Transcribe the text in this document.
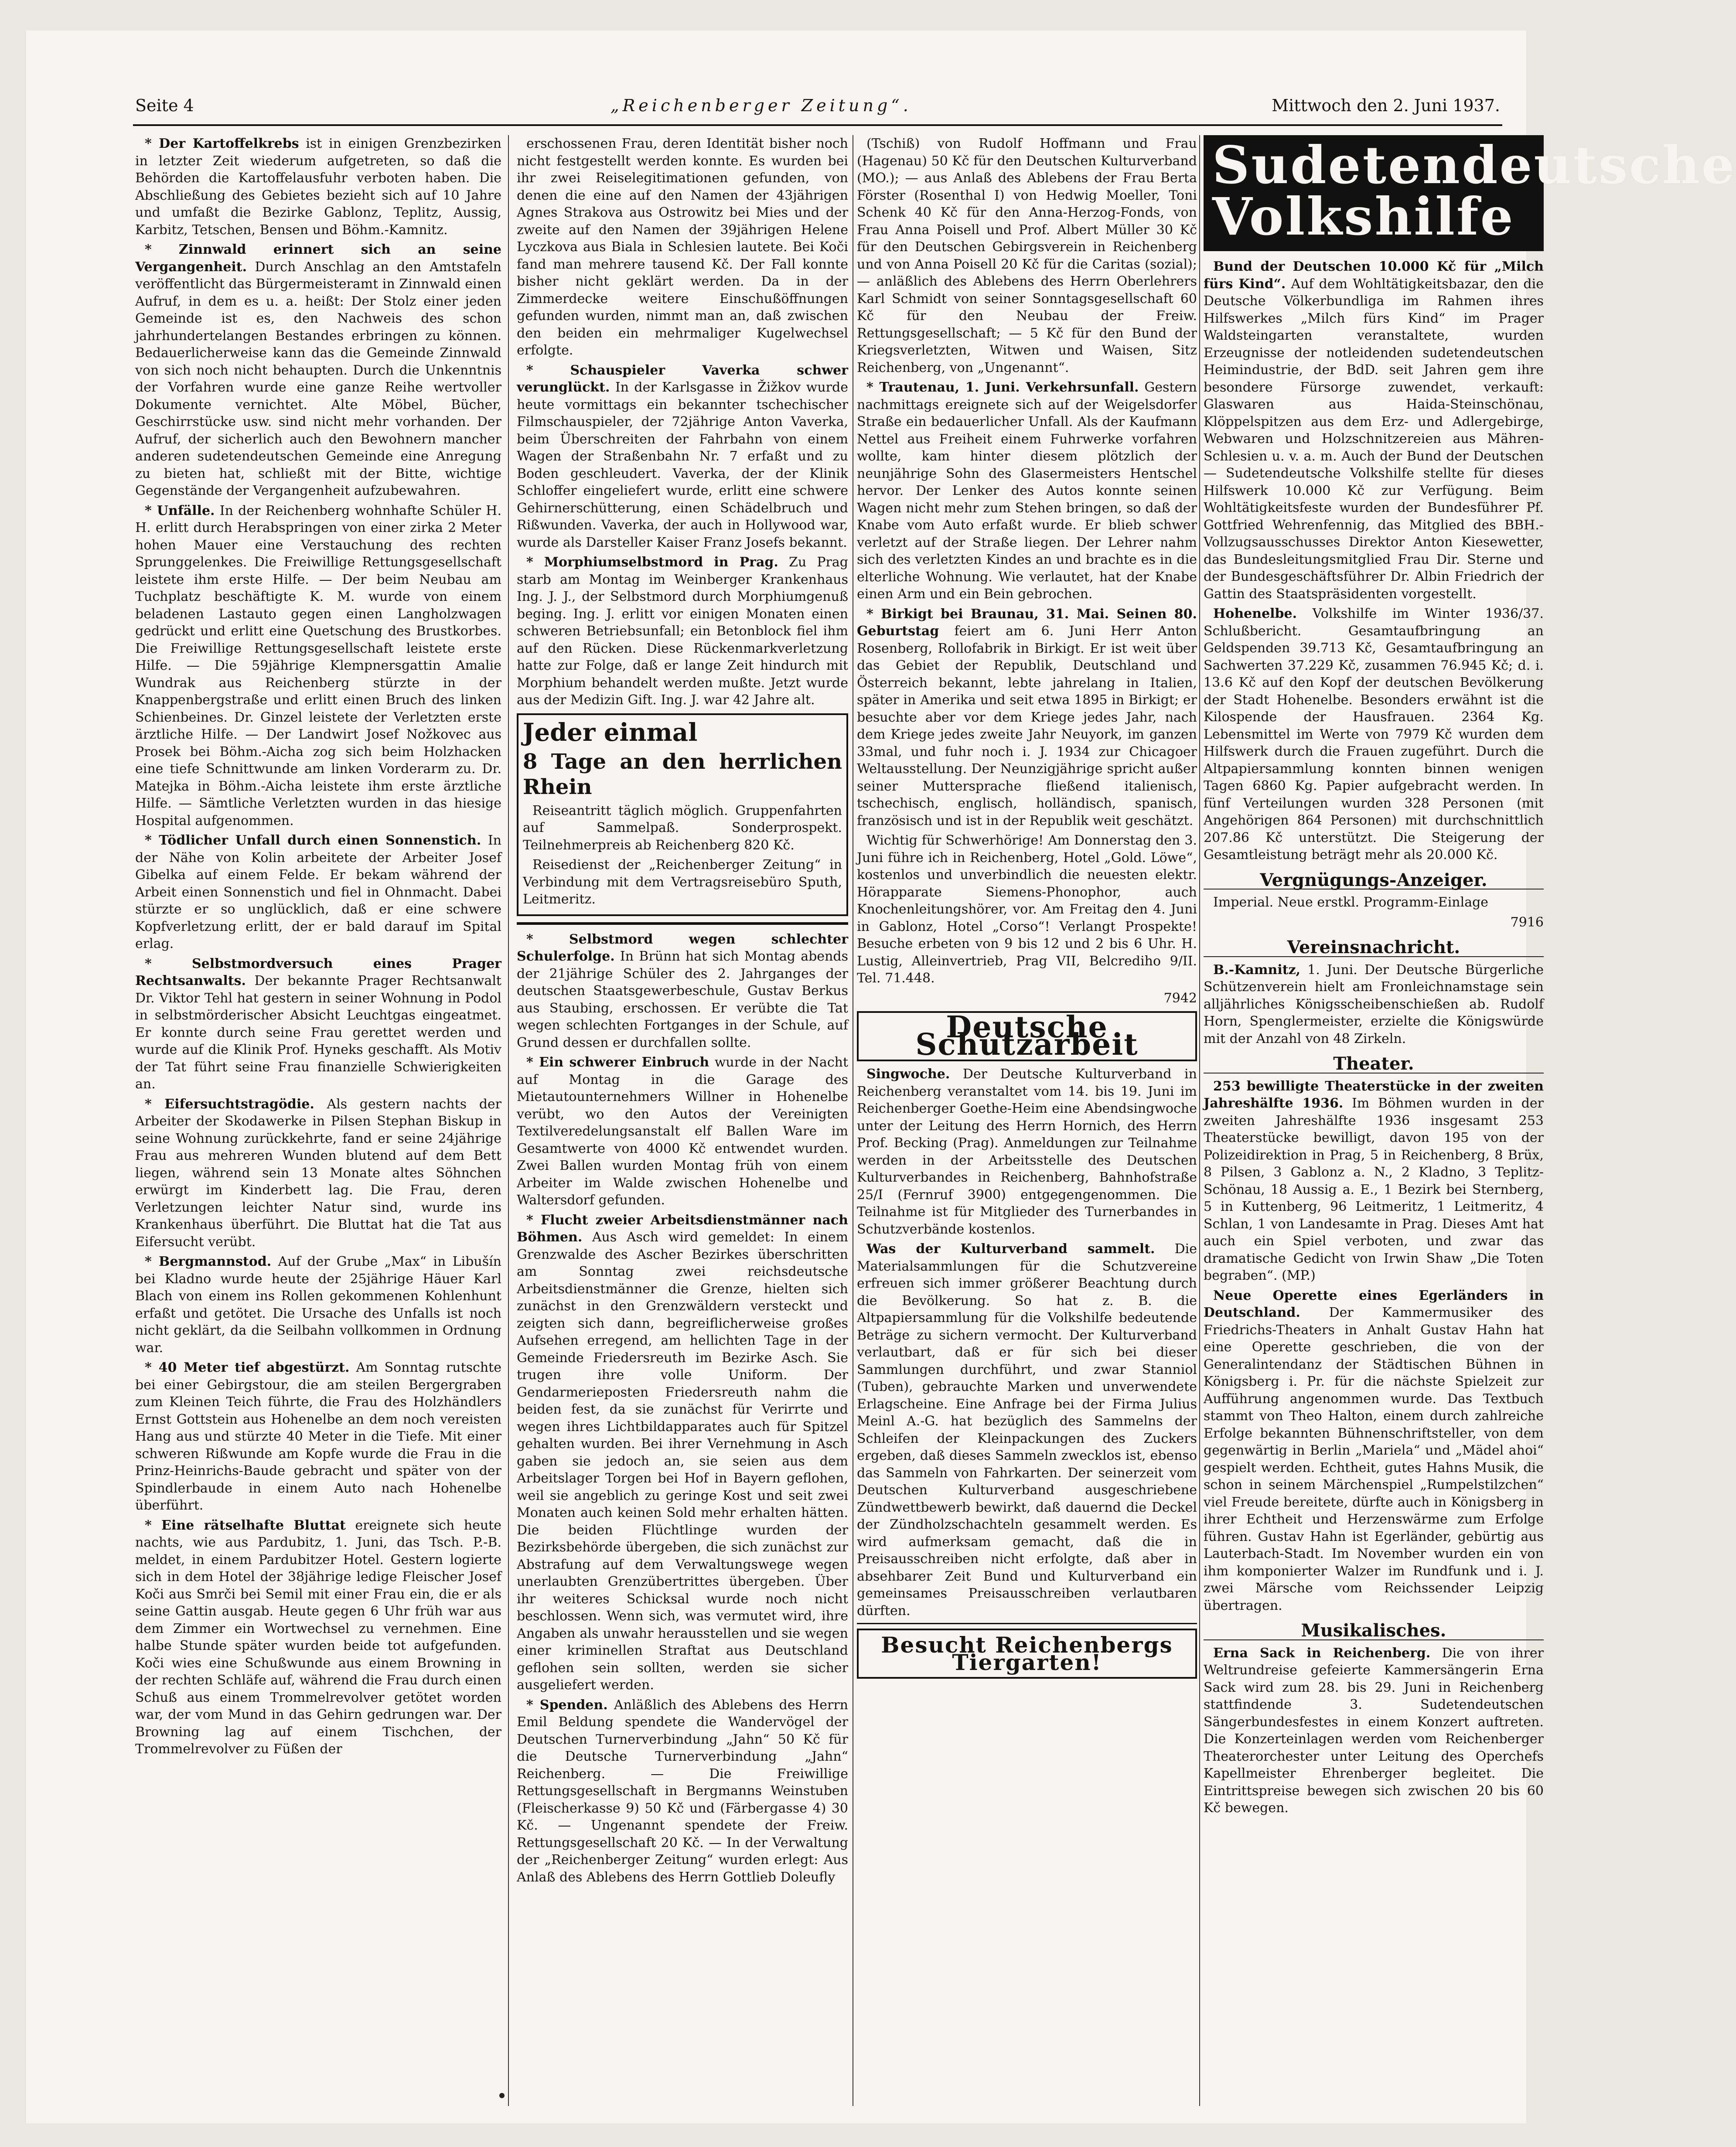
Seite 4	„Reichenberger Zeitung“.	Mittwoch den 2. Juni 1937.

* Der Kartoffelkrebs ist in einigen Grenzbezirken in letzter Zeit wiederum aufgetreten, so daß die Behörden die Kartoffelausfuhr verboten haben. Die Abschließung des Gebietes bezieht sich auf 10 Jahre und umfaßt die Bezirke Gablonz, Teplitz, Aussig, Karbitz, Tetschen, Bensen und Böhm.-Kamnitz.

* Zinnwald erinnert sich an seine Vergangenheit. Durch Anschlag an den Amtstafeln veröffentlicht das Bürgermeisteramt in Zinnwald einen Aufruf, in dem es u. a. heißt: Der Stolz einer jeden Gemeinde ist es, den Nachweis des schon jahrhundertelangen Bestandes erbringen zu können. Bedauerlicherweise kann das die Gemeinde Zinnwald von sich noch nicht behaupten. Durch die Unkenntnis der Vorfahren wurde eine ganze Reihe wertvoller Dokumente vernichtet. Alte Möbel, Bücher, Geschirrstücke usw. sind nicht mehr vorhanden. Der Aufruf, der sicherlich auch den Bewohnern mancher anderen sudetendeutschen Gemeinde eine Anregung zu bieten hat, schließt mit der Bitte, wichtige Gegenstände der Vergangenheit aufzubewahren.

* Unfälle. In der Reichenberg wohnhafte Schüler H. H. erlitt durch Herabspringen von einer zirka 2 Meter hohen Mauer eine Verstauchung des rechten Sprunggelenkes. Die Freiwillige Rettungsgesellschaft leistete ihm erste Hilfe. — Der beim Neubau am Tuchplatz beschäftigte K. M. wurde von einem beladenen Lastauto gegen einen Langholzwagen gedrückt und erlitt eine Quetschung des Brustkorbes. Die Freiwillige Rettungsgesellschaft leistete erste Hilfe. — Die 59jährige Klempnersgattin Amalie Wundrak aus Reichenberg stürzte in der Knappenbergstraße und erlitt einen Bruch des linken Schienbeines. Dr. Ginzel leistete der Verletzten erste ärztliche Hilfe. — Der Landwirt Josef Nožkovec aus Prosek bei Böhm.-Aicha zog sich beim Holzhacken eine tiefe Schnittwunde am linken Vorderarm zu. Dr. Matejka in Böhm.-Aicha leistete ihm erste ärztliche Hilfe. — Sämtliche Verletzten wurden in das hiesige Hospital aufgenommen.

* Tödlicher Unfall durch einen Sonnenstich. In der Nähe von Kolin arbeitete der Arbeiter Josef Gibelka auf einem Felde. Er bekam während der Arbeit einen Sonnenstich und fiel in Ohnmacht. Dabei stürzte er so unglücklich, daß er eine schwere Kopfverletzung erlitt, der er bald darauf im Spital erlag.

* Selbstmordversuch eines Prager Rechtsanwalts. Der bekannte Prager Rechtsanwalt Dr. Viktor Tehl hat gestern in seiner Wohnung in Podol in selbstmörderischer Absicht Leuchtgas eingeatmet. Er konnte durch seine Frau gerettet werden und wurde auf die Klinik Prof. Hyneks geschafft. Als Motiv der Tat führt seine Frau finanzielle Schwierigkeiten an.

* Eifersuchtstragödie. Als gestern nachts der Arbeiter der Skodawerke in Pilsen Stephan Biskup in seine Wohnung zurückkehrte, fand er seine 24jährige Frau aus mehreren Wunden blutend auf dem Bett liegen, während sein 13 Monate altes Söhnchen erwürgt im Kinderbett lag. Die Frau, deren Verletzungen leichter Natur sind, wurde ins Krankenhaus überführt. Die Bluttat hat die Tat aus Eifersucht verübt.

* Bergmannstod. Auf der Grube „Max“ in Libušín bei Kladno wurde heute der 25jährige Häuer Karl Blach von einem ins Rollen gekommenen Kohlenhunt erfaßt und getötet. Die Ursache des Unfalls ist noch nicht geklärt, da die Seilbahn vollkommen in Ordnung war.

* 40 Meter tief abgestürzt. Am Sonntag rutschte bei einer Gebirgstour, die am steilen Bergergraben zum Kleinen Teich führte, die Frau des Holzhändlers Ernst Gottstein aus Hohenelbe an dem noch vereisten Hang aus und stürzte 40 Meter in die Tiefe. Mit einer schweren Rißwunde am Kopfe wurde die Frau in die Prinz-Heinrichs-Baude gebracht und später von der Spindlerbaude in einem Auto nach Hohenelbe überführt.

* Eine rätselhafte Bluttat ereignete sich heute nachts, wie aus Pardubitz, 1. Juni, das Tsch. P.-B. meldet, in einem Pardubitzer Hotel. Gestern logierte sich in dem Hotel der 38jährige ledige Fleischer Josef Koči aus Smrči bei Semil mit einer Frau ein, die er als seine Gattin ausgab. Heute gegen 6 Uhr früh war aus dem Zimmer ein Wortwechsel zu vernehmen. Eine halbe Stunde später wurden beide tot aufgefunden. Koči wies eine Schußwunde aus einem Browning in der rechten Schläfe auf, während die Frau durch einen Schuß aus einem Trommelrevolver getötet worden war, der vom Mund in das Gehirn gedrungen war. Der Browning lag auf einem Tischchen, der Trommelrevolver zu Füßen der

erschossenen Frau, deren Identität bisher noch nicht festgestellt werden konnte. Es wurden bei ihr zwei Reiselegitimationen gefunden, von denen die eine auf den Namen der 43jährigen Agnes Strakova aus Ostrowitz bei Mies und der zweite auf den Namen der 39jährigen Helene Lyczkova aus Biala in Schlesien lautete. Bei Koči fand man mehrere tausend Kč. Der Fall konnte bisher nicht geklärt werden. Da in der Zimmerdecke weitere Einschußöffnungen gefunden wurden, nimmt man an, daß zwischen den beiden ein mehrmaliger Kugelwechsel erfolgte.

* Schauspieler Vaverka schwer verunglückt. In der Karlsgasse in Žižkov wurde heute vormittags ein bekannter tschechischer Filmschauspieler, der 72jährige Anton Vaverka, beim Überschreiten der Fahrbahn von einem Wagen der Straßenbahn Nr. 7 erfaßt und zu Boden geschleudert. Vaverka, der der Klinik Schloffer eingeliefert wurde, erlitt eine schwere Gehirnerschütterung, einen Schädelbruch und Rißwunden. Vaverka, der auch in Hollywood war, wurde als Darsteller Kaiser Franz Josefs bekannt.

* Morphiumselbstmord in Prag. Zu Prag starb am Montag im Weinberger Krankenhaus Ing. J. J., der Selbstmord durch Morphiumgenuß beging. Ing. J. erlitt vor einigen Monaten einen schweren Betriebsunfall; ein Betonblock fiel ihm auf den Rücken. Diese Rückenmarkverletzung hatte zur Folge, daß er lange Zeit hindurch mit Morphium behandelt werden mußte. Jetzt wurde aus der Medizin Gift. Ing. J. war 42 Jahre alt.

Jeder einmal

8 Tage an den herrlichen Rhein

Reiseantritt täglich möglich. Gruppenfahrten auf Sammelpaß. Sonderprospekt. Teilnehmerpreis ab Reichenberg 820 Kč.

Reisedienst der „Reichenberger Zeitung“ in Verbindung mit dem Vertragsreisebüro Sputh, Leitmeritz.

* Selbstmord wegen schlechter Schulerfolge. In Brünn hat sich Montag abends der 21jährige Schüler des 2. Jahrganges der deutschen Staatsgewerbeschule, Gustav Berkus aus Staubing, erschossen. Er verübte die Tat wegen schlechten Fortganges in der Schule, auf Grund dessen er durchfallen sollte.

* Ein schwerer Einbruch wurde in der Nacht auf Montag in die Garage des Mietautounternehmers Willner in Hohenelbe verübt, wo den Autos der Vereinigten Textilveredelungsanstalt elf Ballen Ware im Gesamtwerte von 4000 Kč entwendet wurden. Zwei Ballen wurden Montag früh von einem Arbeiter im Walde zwischen Hohenelbe und Waltersdorf gefunden.

* Flucht zweier Arbeitsdienstmänner nach Böhmen. Aus Asch wird gemeldet: In einem Grenzwalde des Ascher Bezirkes überschritten am Sonntag zwei reichsdeutsche Arbeitsdienstmänner die Grenze, hielten sich zunächst in den Grenzwäldern versteckt und zeigten sich dann, begreiflicherweise großes Aufsehen erregend, am hellichten Tage in der Gemeinde Friedersreuth im Bezirke Asch. Sie trugen ihre volle Uniform. Der Gendarmerieposten Friedersreuth nahm die beiden fest, da sie zunächst für Verirrte und wegen ihres Lichtbildapparates auch für Spitzel gehalten wurden. Bei ihrer Vernehmung in Asch gaben sie jedoch an, sie seien aus dem Arbeitslager Torgen bei Hof in Bayern geflohen, weil sie angeblich zu geringe Kost und seit zwei Monaten auch keinen Sold mehr erhalten hätten. Die beiden Flüchtlinge wurden der Bezirksbehörde übergeben, die sich zunächst zur Abstrafung auf dem Verwaltungswege wegen unerlaubten Grenzübertrittes übergeben. Über ihr weiteres Schicksal wurde noch nicht beschlossen. Wenn sich, was vermutet wird, ihre Angaben als unwahr herausstellen und sie wegen einer kriminellen Straftat aus Deutschland geflohen sein sollten, werden sie sicher ausgeliefert werden.

* Spenden. Anläßlich des Ablebens des Herrn Emil Beldung spendete die Wandervögel der Deutschen Turnerverbindung „Jahn“ 50 Kč für die Deutsche Turnerverbindung „Jahn“ Reichenberg. — Die Freiwillige Rettungsgesellschaft in Bergmanns Weinstuben (Fleischerkasse 9) 50 Kč und (Färbergasse 4) 30 Kč. — Ungenannt spendete der Freiw. Rettungsgesellschaft 20 Kč. — In der Verwaltung der „Reichenberger Zeitung“ wurden erlegt: Aus Anlaß des Ablebens des Herrn Gottlieb Doleufly

(Tschiß) von Rudolf Hoffmann und Frau (Hagenau) 50 Kč für den Deutschen Kulturverband (MO.); — aus Anlaß des Ablebens der Frau Berta Förster (Rosenthal I) von Hedwig Moeller, Toni Schenk 40 Kč für den Anna-Herzog-Fonds, von Frau Anna Poisell und Prof. Albert Müller 30 Kč für den Deutschen Gebirgsverein in Reichenberg und von Anna Poisell 20 Kč für die Caritas (sozial); — anläßlich des Ablebens des Herrn Oberlehrers Karl Schmidt von seiner Sonntagsgesellschaft 60 Kč für den Neubau der Freiw. Rettungsgesellschaft; — 5 Kč für den Bund der Kriegsverletzten, Witwen und Waisen, Sitz Reichenberg, von „Ungenannt“.

* Trautenau, 1. Juni. Verkehrsunfall. Gestern nachmittags ereignete sich auf der Weigelsdorfer Straße ein bedauerlicher Unfall. Als der Kaufmann Nettel aus Freiheit einem Fuhrwerke vorfahren wollte, kam hinter diesem plötzlich der neunjährige Sohn des Glasermeisters Hentschel hervor. Der Lenker des Autos konnte seinen Wagen nicht mehr zum Stehen bringen, so daß der Knabe vom Auto erfaßt wurde. Er blieb schwer verletzt auf der Straße liegen. Der Lehrer nahm sich des verletzten Kindes an und brachte es in die elterliche Wohnung. Wie verlautet, hat der Knabe einen Arm und ein Bein gebrochen.

* Birkigt bei Braunau, 31. Mai. Seinen 80. Geburtstag feiert am 6. Juni Herr Anton Rosenberg, Rollofabrik in Birkigt. Er ist weit über das Gebiet der Republik, Deutschland und Österreich bekannt, lebte jahrelang in Italien, später in Amerika und seit etwa 1895 in Birkigt; er besuchte aber vor dem Kriege jedes Jahr, nach dem Kriege jedes zweite Jahr Neuyork, im ganzen 33mal, und fuhr noch i. J. 1934 zur Chicagoer Weltausstellung. Der Neunzigjährige spricht außer seiner Muttersprache fließend italienisch, tschechisch, englisch, holländisch, spanisch, französisch und ist in der Republik weit geschätzt.

Wichtig für Schwerhörige! Am Donnerstag den 3. Juni führe ich in Reichenberg, Hotel „Gold. Löwe“, kostenlos und unverbindlich die neuesten elektr. Hörapparate Siemens-Phonophor, auch Knochenleitungshörer, vor. Am Freitag den 4. Juni in Gablonz, Hotel „Corso“! Verlangt Prospekte! Besuche erbeten von 9 bis 12 und 2 bis 6 Uhr. H. Lustig, Alleinvertrieb, Prag VII, Belcrediho 9/II. Tel. 71.448.

7942

Deutsche Schutzarbeit

Singwoche. Der Deutsche Kulturverband in Reichenberg veranstaltet vom 14. bis 19. Juni im Reichenberger Goethe-Heim eine Abendsingwoche unter der Leitung des Herrn Hornich, des Herrn Prof. Becking (Prag). Anmeldungen zur Teilnahme werden in der Arbeitsstelle des Deutschen Kulturverbandes in Reichenberg, Bahnhofstraße 25/I (Fernruf 3900) entgegengenommen. Die Teilnahme ist für Mitglieder des Turnerbandes in Schutzverbände kostenlos.

Was der Kulturverband sammelt. Die Materialsammlungen für die Schutzvereine erfreuen sich immer größerer Beachtung durch die Bevölkerung. So hat z. B. die Altpapiersammlung für die Volkshilfe bedeutende Beträge zu sichern vermocht. Der Kulturverband verlautbart, daß er für sich bei dieser Sammlungen durchführt, und zwar Stanniol (Tuben), gebrauchte Marken und unverwendete Erlagscheine. Eine Anfrage bei der Firma Julius Meinl A.-G. hat bezüglich des Sammelns der Schleifen der Kleinpackungen des Zuckers ergeben, daß dieses Sammeln zwecklos ist, ebenso das Sammeln von Fahrkarten. Der seinerzeit vom Deutschen Kulturverband ausgeschriebene Zündwettbewerb bewirkt, daß dauernd die Deckel der Zündholzschachteln gesammelt werden. Es wird aufmerksam gemacht, daß die in Preisausschreiben nicht erfolgte, daß aber in absehbarer Zeit Bund und Kulturverband ein gemeinsames Preisausschreiben verlautbaren dürften.

Besucht Reichenbergs Tiergarten!
Sudetendeutsche Volkshilfe

Bund der Deutschen 10.000 Kč für „Milch fürs Kind“. Auf dem Wohltätigkeitsbazar, den die Deutsche Völkerbundliga im Rahmen ihres Hilfswerkes „Milch fürs Kind“ im Prager Waldsteingarten veranstaltete, wurden Erzeugnisse der notleidenden sudetendeutschen Heimindustrie, der BdD. seit Jahren gem ihre besondere Fürsorge zuwendet, verkauft: Glaswaren aus Haida-Steinschönau, Klöppelspitzen aus dem Erz- und Adlergebirge, Webwaren und Holzschnitzereien aus Mähren-Schlesien u. v. a. m. Auch der Bund der Deutschen — Sudetendeutsche Volkshilfe stellte für dieses Hilfswerk 10.000 Kč zur Verfügung. Beim Wohltätigkeitsfeste wurden der Bundesführer Pf. Gottfried Wehrenfennig, das Mitglied des BBH.-Vollzugsausschusses Direktor Anton Kiesewetter, das Bundesleitungsmitglied Frau Dir. Sterne und der Bundesgeschäftsführer Dr. Albin Friedrich der Gattin des Staatspräsidenten vorgestellt.

Hohenelbe. Volkshilfe im Winter 1936/37. Schlußbericht. Gesamtaufbringung an Geldspenden 39.713 Kč, Gesamtaufbringung an Sachwerten 37.229 Kč, zusammen 76.945 Kč; d. i. 13.6 Kč auf den Kopf der deutschen Bevölkerung der Stadt Hohenelbe. Besonders erwähnt ist die Kilospende der Hausfrauen. 2364 Kg. Lebensmittel im Werte von 7979 Kč wurden dem Hilfswerk durch die Frauen zugeführt. Durch die Altpapiersammlung konnten binnen wenigen Tagen 6860 Kg. Papier aufgebracht werden. In fünf Verteilungen wurden 328 Personen (mit Angehörigen 864 Personen) mit durchschnittlich 207.86 Kč unterstützt. Die Steigerung der Gesamtleistung beträgt mehr als 20.000 Kč.

Vergnügungs-Anzeiger.

Imperial. Neue erstkl. Programm-Einlage

7916

Vereinsnachricht.

B.-Kamnitz, 1. Juni. Der Deutsche Bürgerliche Schützenverein hielt am Fronleichnamstage sein alljährliches Königsscheibenschießen ab. Rudolf Horn, Spenglermeister, erzielte die Königswürde mit der Anzahl von 48 Zirkeln.

Theater.

253 bewilligte Theaterstücke in der zweiten Jahreshälfte 1936. Im Böhmen wurden in der zweiten Jahreshälfte 1936 insgesamt 253 Theaterstücke bewilligt, davon 195 von der Polizeidirektion in Prag, 5 in Reichenberg, 8 Brüx, 8 Pilsen, 3 Gablonz a. N., 2 Kladno, 3 Teplitz-Schönau, 18 Aussig a. E., 1 Bezirk bei Sternberg, 5 in Kuttenberg, 96 Leitmeritz, 1 Leitmeritz, 4 Schlan, 1 von Landesamte in Prag. Dieses Amt hat auch ein Spiel verboten, und zwar das dramatische Gedicht von Irwin Shaw „Die Toten begraben“. (MP.)

Neue Operette eines Egerländers in Deutschland. Der Kammermusiker des Friedrichs-Theaters in Anhalt Gustav Hahn hat eine Operette geschrieben, die von der Generalintendanz der Städtischen Bühnen in Königsberg i. Pr. für die nächste Spielzeit zur Aufführung angenommen wurde. Das Textbuch stammt von Theo Halton, einem durch zahlreiche Erfolge bekannten Bühnenschriftsteller, von dem gegenwärtig in Berlin „Mariela“ und „Mädel ahoi“ gespielt werden. Echtheit, gutes Hahns Musik, die schon in seinem Märchenspiel „Rumpelstilzchen“ viel Freude bereitete, dürfte auch in Königsberg in ihrer Echtheit und Herzenswärme zum Erfolge führen. Gustav Hahn ist Egerländer, gebürtig aus Lauterbach-Stadt. Im November wurden ein von ihm komponierter Walzer im Rundfunk und i. J. zwei Märsche vom Reichssender Leipzig übertragen.

Musikalisches.

Erna Sack in Reichenberg. Die von ihrer Weltrundreise gefeierte Kammersängerin Erna Sack wird zum 28. bis 29. Juni in Reichenberg stattfindende 3. Sudetendeutschen Sängerbundesfestes in einem Konzert auftreten. Die Konzerteinlagen werden vom Reichenberger Theaterorchester unter Leitung des Operchefs Kapellmeister Ehrenberger begleitet. Die Eintrittspreise bewegen sich zwischen 20 bis 60 Kč bewegen.
